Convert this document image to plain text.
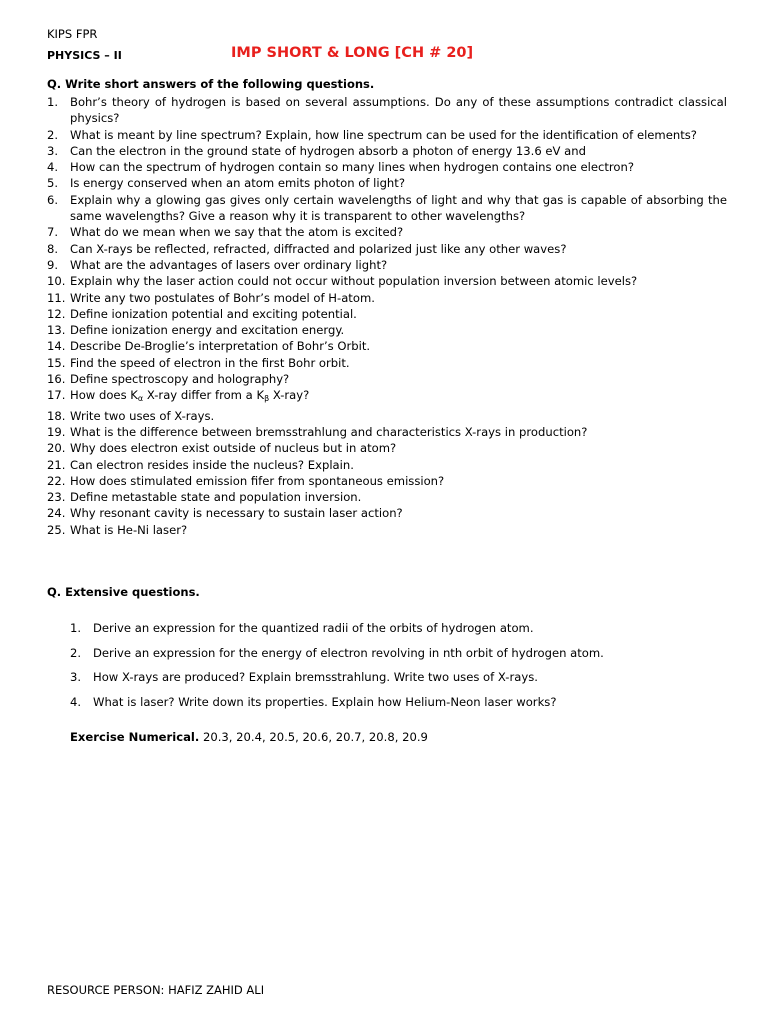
KIPS FPR
PHYSICS – II	IMP SHORT & LONG [CH # 20]
Q. Write short answers of the following questions.
1. Bohr’s theory of hydrogen is based on several assumptions. Do any of these assumptions contradict classical physics?
2. What is meant by line spectrum? Explain, how line spectrum can be used for the identification of elements?
3. Can the electron in the ground state of hydrogen absorb a photon of energy 13.6 eV and
4. How can the spectrum of hydrogen contain so many lines when hydrogen contains one electron?
5. Is energy conserved when an atom emits photon of light?
6. Explain why a glowing gas gives only certain wavelengths of light and why that gas is capable of absorbing the same wavelengths? Give a reason why it is transparent to other wavelengths?
7. What do we mean when we say that the atom is excited?
8. Can X-rays be reflected, refracted, diffracted and polarized just like any other waves?
9. What are the advantages of lasers over ordinary light?
10. Explain why the laser action could not occur without population inversion between atomic levels?
11. Write any two postulates of Bohr’s model of H-atom.
12. Define ionization potential and exciting potential.
13. Define ionization energy and excitation energy.
14. Describe De-Broglie’s interpretation of Bohr’s Orbit.
15. Find the speed of electron in the first Bohr orbit.
16. Define spectroscopy and holography?
17. How does $K_\alpha$ X-ray differ from a $K_\beta$ X-ray?
18. Write two uses of X-rays.
19. What is the difference between bremsstrahlung and characteristics X-rays in production?
20. Why does electron exist outside of nucleus but in atom?
21. Can electron resides inside the nucleus? Explain.
22. How does stimulated emission fifer from spontaneous emission?
23. Define metastable state and population inversion.
24. Why resonant cavity is necessary to sustain laser action?
25. What is He-Ni laser?
Q. Extensive questions.
1. Derive an expression for the quantized radii of the orbits of hydrogen atom.
2. Derive an expression for the energy of electron revolving in nth orbit of hydrogen atom.
3. How X-rays are produced? Explain bremsstrahlung. Write two uses of X-rays.
4. What is laser? Write down its properties. Explain how Helium-Neon laser works?
Exercise Numerical. 20.3, 20.4, 20.5, 20.6, 20.7, 20.8, 20.9
RESOURCE PERSON: HAFIZ ZAHID ALI
